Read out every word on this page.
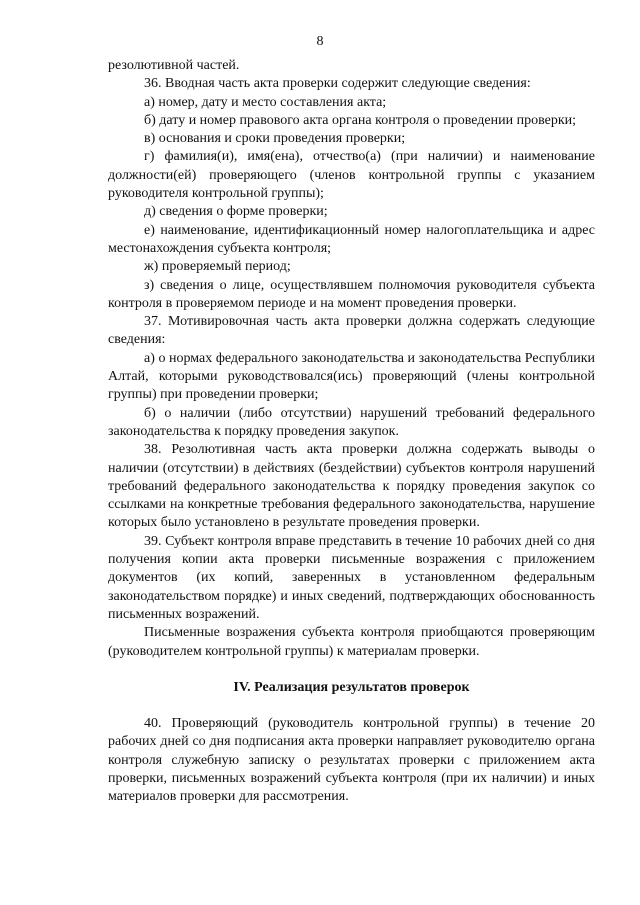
8

резолютивной частей.

36. Вводная часть акта проверки содержит следующие сведения:

а) номер, дату и место составления акта;

б) дату и номер правового акта органа контроля о проведении проверки;

в) основания и сроки проведения проверки;

г) фамилия(и), имя(ена), отчество(а) (при наличии) и наименование должности(ей) проверяющего (членов контрольной группы с указанием руководителя контрольной группы);

д) сведения о форме проверки;

е) наименование, идентификационный номер налогоплательщика и адрес местонахождения субъекта контроля;

ж) проверяемый период;

з) сведения о лице, осуществлявшем полномочия руководителя субъекта контроля в проверяемом периоде и на момент проведения проверки.

37. Мотивировочная часть акта проверки должна содержать следующие сведения:

а) о нормах федерального законодательства и законодательства Республики Алтай, которыми руководствовался(ись) проверяющий (члены контрольной группы) при проведении проверки;

б) о наличии (либо отсутствии) нарушений требований федерального законодательства к порядку проведения закупок.

38. Резолютивная часть акта проверки должна содержать выводы о наличии (отсутствии) в действиях (бездействии) субъектов контроля нарушений требований федерального законодательства к порядку проведения закупок со ссылками на конкретные требования федерального законодательства, нарушение которых было установлено в результате проведения проверки.

39. Субъект контроля вправе представить в течение 10 рабочих дней со дня получения копии акта проверки письменные возражения с приложением документов (их копий, заверенных в установленном федеральным законодательством порядке) и иных сведений, подтверждающих обоснованность письменных возражений.

Письменные возражения субъекта контроля приобщаются проверяющим (руководителем контрольной группы) к материалам проверки.

IV. Реализация результатов проверок

40. Проверяющий (руководитель контрольной группы) в течение 20 рабочих дней со дня подписания акта проверки направляет руководителю органа контроля служебную записку о результатах проверки с приложением акта проверки, письменных возражений субъекта контроля (при их наличии) и иных материалов проверки для рассмотрения.
